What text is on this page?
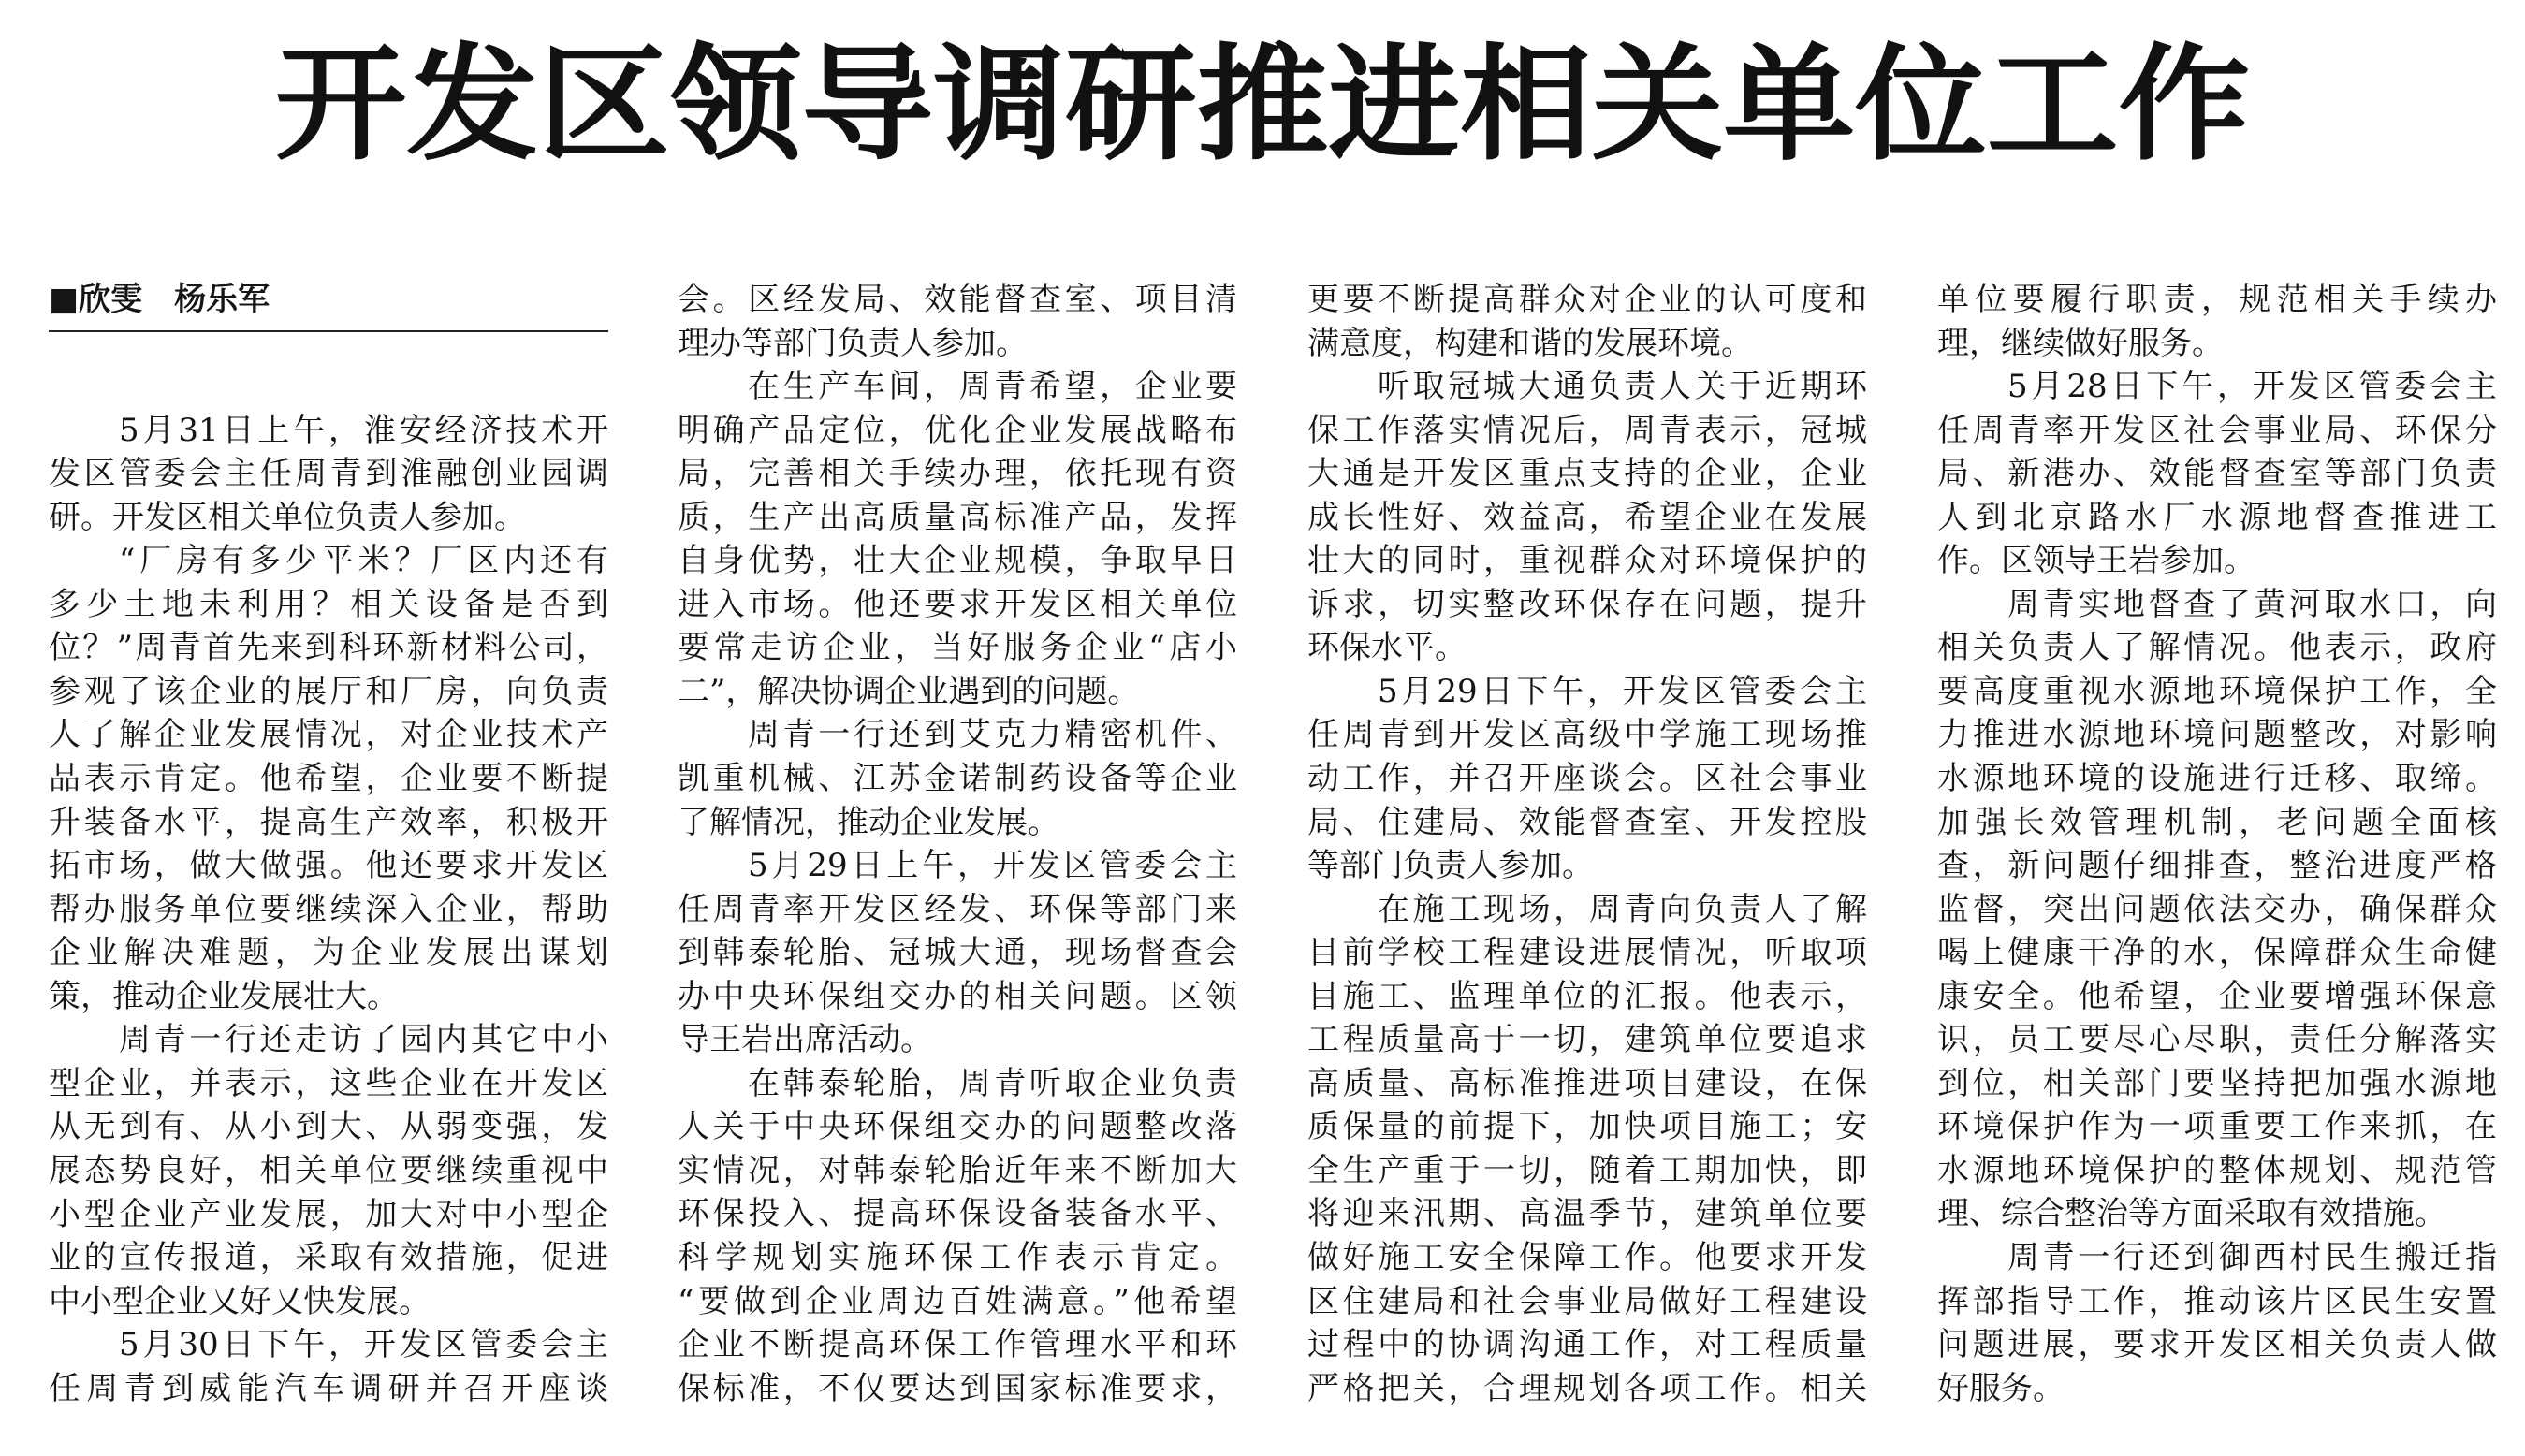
开发区领导调研推进相关单位工作
■欣雯　杨乐军
5月31日上午，淮安经济技术开
发区管委会主任周青到淮融创业园调
研。开发区相关单位负责人参加。
“厂房有多少平米？厂区内还有
多少土地未利用？相关设备是否到
位？”周青首先来到科环新材料公司，
参观了该企业的展厅和厂房，向负责
人了解企业发展情况，对企业技术产
品表示肯定。他希望，企业要不断提
升装备水平，提高生产效率，积极开
拓市场，做大做强。他还要求开发区
帮办服务单位要继续深入企业，帮助
企业解决难题，为企业发展出谋划
策，推动企业发展壮大。
周青一行还走访了园内其它中小
型企业，并表示，这些企业在开发区
从无到有、从小到大、从弱变强，发
展态势良好，相关单位要继续重视中
小型企业产业发展，加大对中小型企
业的宣传报道，采取有效措施，促进
中小型企业又好又快发展。
5月30日下午，开发区管委会主
任周青到威能汽车调研并召开座谈
会。区经发局、效能督查室、项目清
理办等部门负责人参加。
在生产车间，周青希望，企业要
明确产品定位，优化企业发展战略布
局，完善相关手续办理，依托现有资
质，生产出高质量高标准产品，发挥
自身优势，壮大企业规模，争取早日
进入市场。他还要求开发区相关单位
要常走访企业，当好服务企业“店小
二”，解决协调企业遇到的问题。
周青一行还到艾克力精密机件、
凯重机械、江苏金诺制药设备等企业
了解情况，推动企业发展。
5月29日上午，开发区管委会主
任周青率开发区经发、环保等部门来
到韩泰轮胎、冠城大通，现场督查会
办中央环保组交办的相关问题。区领
导王岩出席活动。
在韩泰轮胎，周青听取企业负责
人关于中央环保组交办的问题整改落
实情况，对韩泰轮胎近年来不断加大
环保投入、提高环保设备装备水平、
科学规划实施环保工作表示肯定。
“要做到企业周边百姓满意。”他希望
企业不断提高环保工作管理水平和环
保标准，不仅要达到国家标准要求，
更要不断提高群众对企业的认可度和
满意度，构建和谐的发展环境。
听取冠城大通负责人关于近期环
保工作落实情况后，周青表示，冠城
大通是开发区重点支持的企业，企业
成长性好、效益高，希望企业在发展
壮大的同时，重视群众对环境保护的
诉求，切实整改环保存在问题，提升
环保水平。
5月29日下午，开发区管委会主
任周青到开发区高级中学施工现场推
动工作，并召开座谈会。区社会事业
局、住建局、效能督查室、开发控股
等部门负责人参加。
在施工现场，周青向负责人了解
目前学校工程建设进展情况，听取项
目施工、监理单位的汇报。他表示，
工程质量高于一切，建筑单位要追求
高质量、高标准推进项目建设，在保
质保量的前提下，加快项目施工；安
全生产重于一切，随着工期加快，即
将迎来汛期、高温季节，建筑单位要
做好施工安全保障工作。他要求开发
区住建局和社会事业局做好工程建设
过程中的协调沟通工作，对工程质量
严格把关，合理规划各项工作。相关
单位要履行职责，规范相关手续办
理，继续做好服务。
5月28日下午，开发区管委会主
任周青率开发区社会事业局、环保分
局、新港办、效能督查室等部门负责
人到北京路水厂水源地督查推进工
作。区领导王岩参加。
周青实地督查了黄河取水口，向
相关负责人了解情况。他表示，政府
要高度重视水源地环境保护工作，全
力推进水源地环境问题整改，对影响
水源地环境的设施进行迁移、取缔。
加强长效管理机制，老问题全面核
查，新问题仔细排查，整治进度严格
监督，突出问题依法交办，确保群众
喝上健康干净的水，保障群众生命健
康安全。他希望，企业要增强环保意
识，员工要尽心尽职，责任分解落实
到位，相关部门要坚持把加强水源地
环境保护作为一项重要工作来抓，在
水源地环境保护的整体规划、规范管
理、综合整治等方面采取有效措施。
周青一行还到御西村民生搬迁指
挥部指导工作，推动该片区民生安置
问题进展，要求开发区相关负责人做
好服务。
